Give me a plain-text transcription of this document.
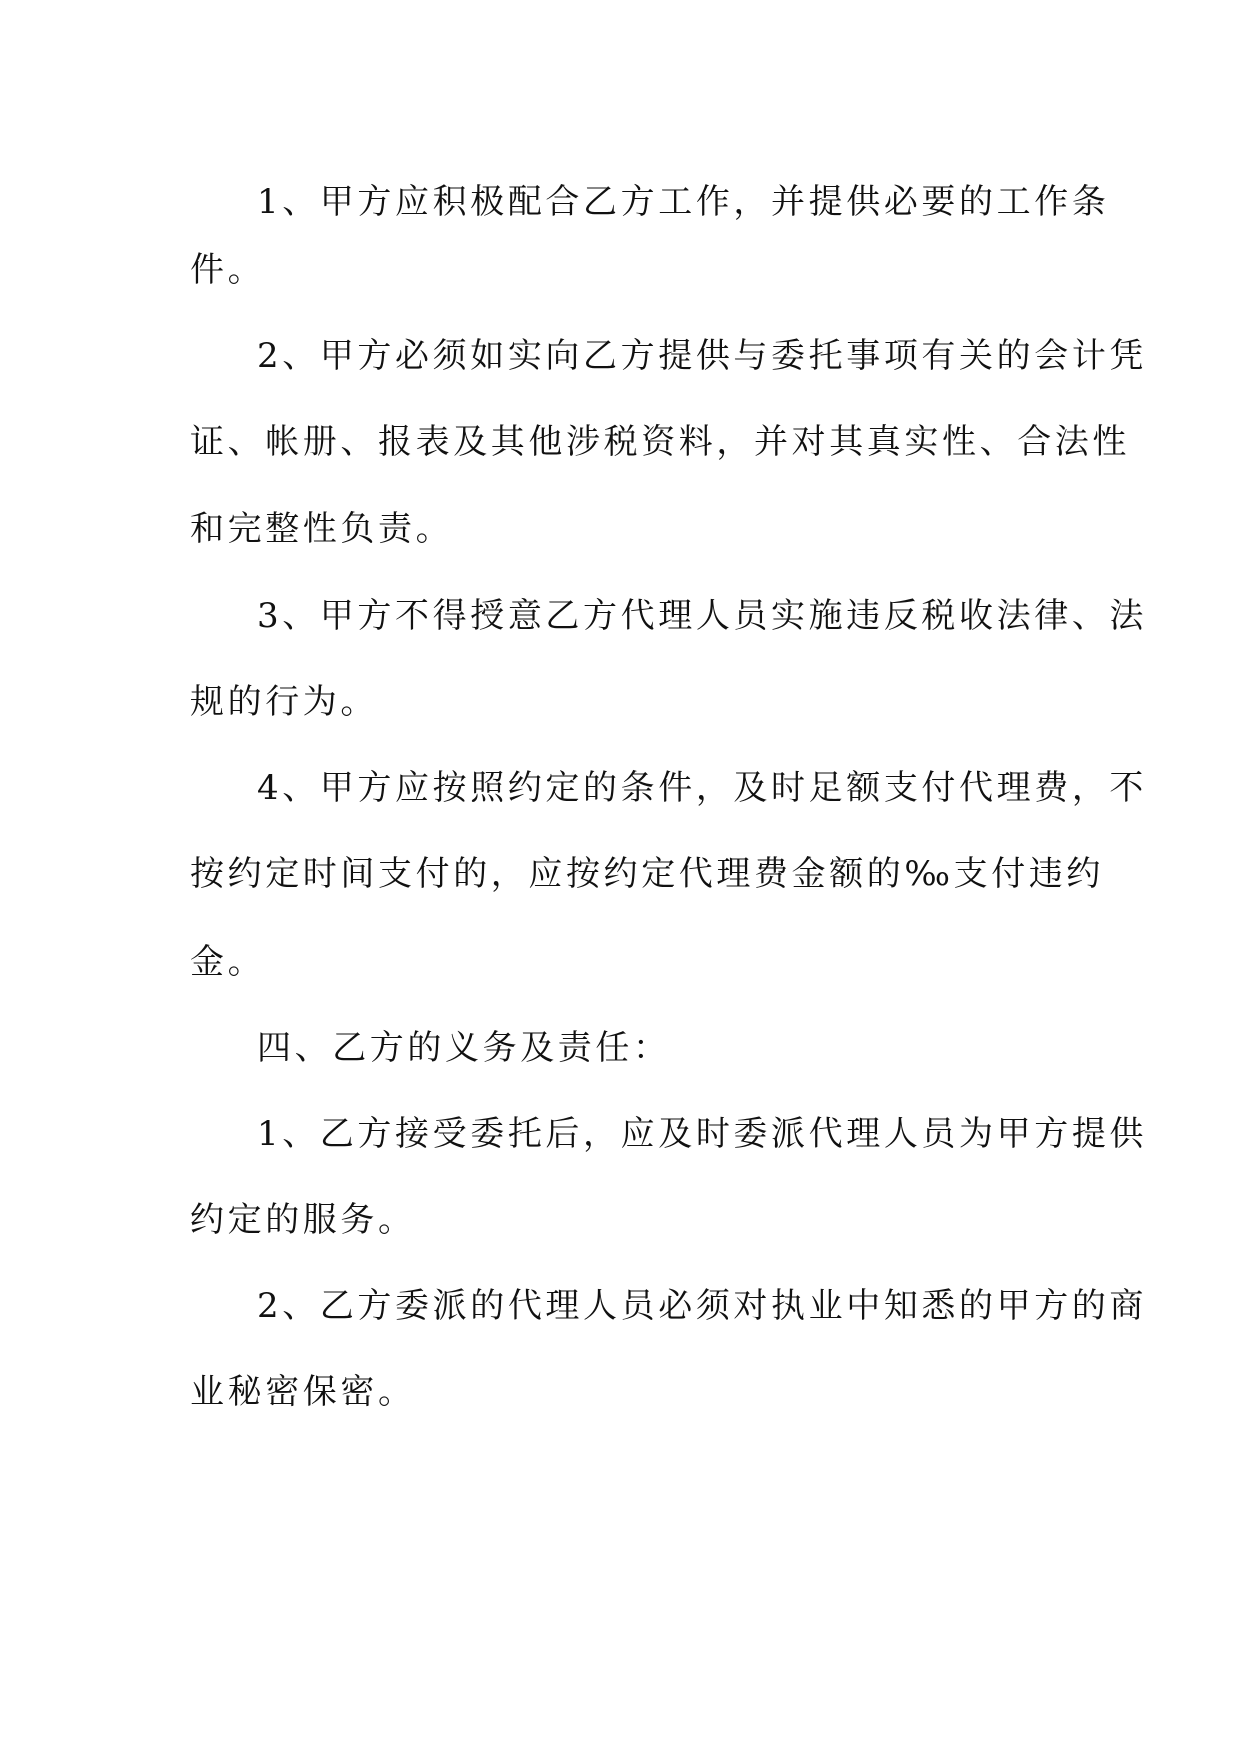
1、甲方应积极配合乙方工作，并提供必要的工作条
件。
2、甲方必须如实向乙方提供与委托事项有关的会计凭
证、帐册、报表及其他涉税资料，并对其真实性、合法性
和完整性负责。
3、甲方不得授意乙方代理人员实施违反税收法律、法
规的行为。
4、甲方应按照约定的条件，及时足额支付代理费，不
按约定时间支付的，应按约定代理费金额的‰支付违约
金。
四、乙方的义务及责任：
1、乙方接受委托后，应及时委派代理人员为甲方提供
约定的服务。
2、乙方委派的代理人员必须对执业中知悉的甲方的商
业秘密保密。
